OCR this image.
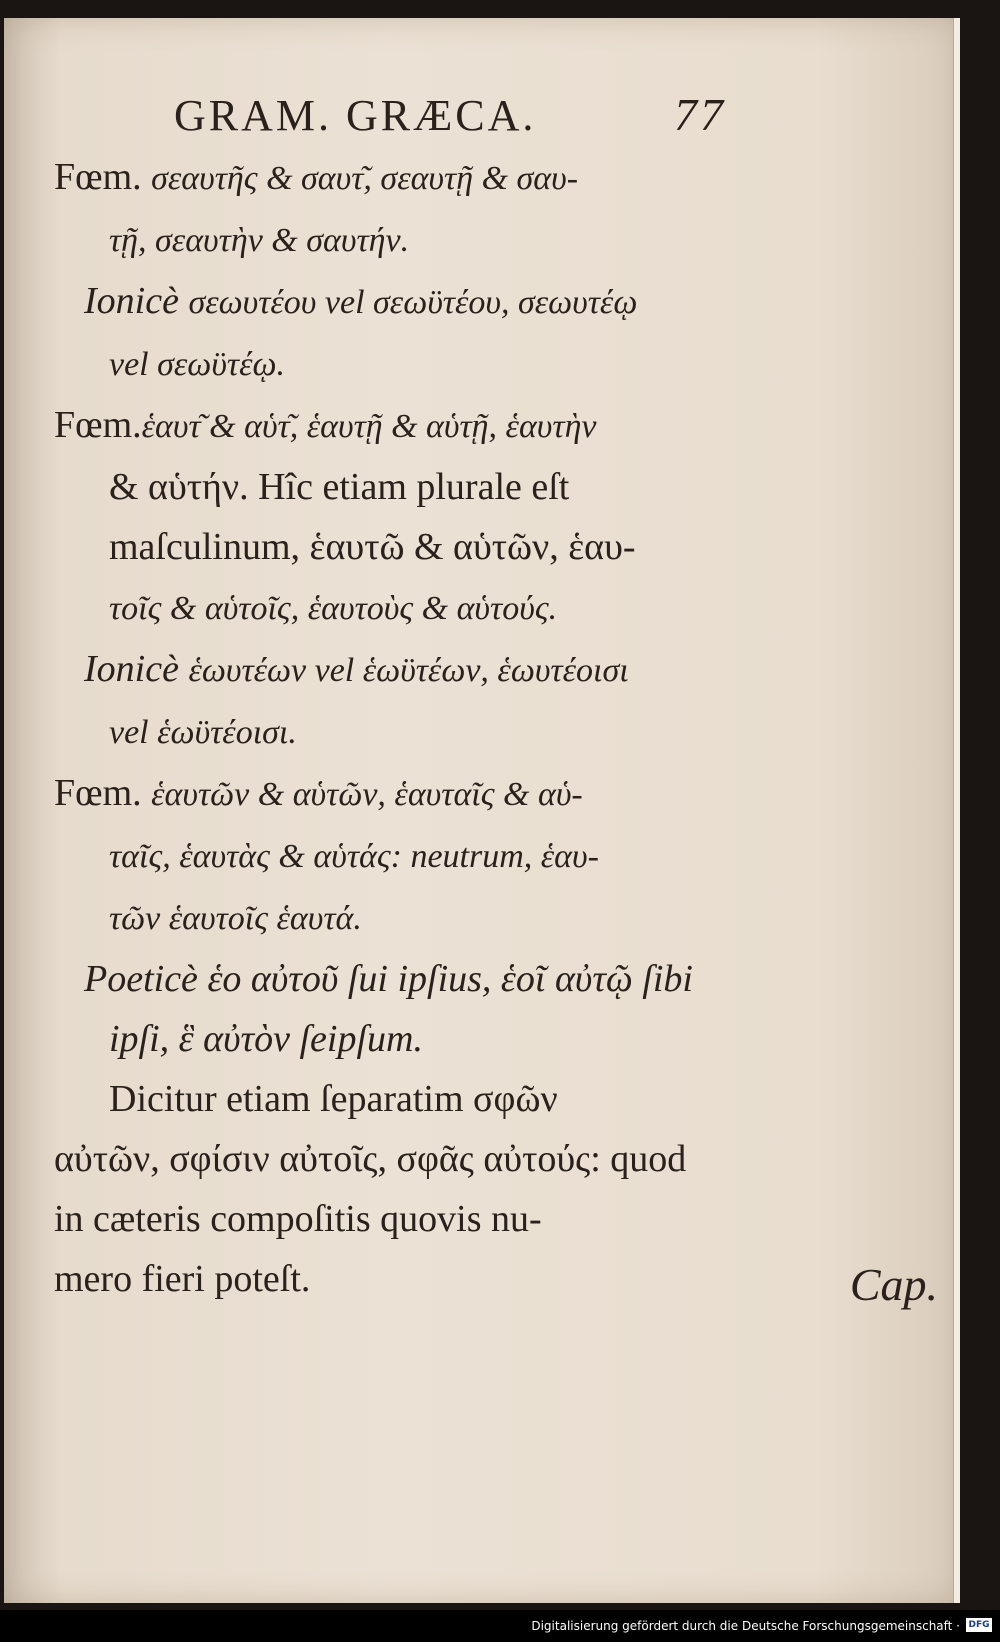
GRAM. GRÆCA.	77
Fœm. σεαυτῆς & σαυτ͂, σεαυτῇ & σαυ-
τῇ, σεαυτὴν & σαυτήν.
Ionicè σεωυτέου vel σεωϋτέου, σεωυτέῳ
vel σεωϋτέῳ.
Fœm.ἑαυτ͂ & αὑτ͂, ἑαυτῇ & αὑτῇ, ἑαυτὴν
& αὑτήν. Hîc etiam plurale eſt
maſculinum, ἑαυτῶ & αὑτῶν, ἑαυ-
τοῖς & αὑτοῖς, ἑαυτοὺς & αὑτούς.
Ionicè ἑωυτέων vel ἑωϋτέων, ἑωυτέοισι
vel ἑωϋτέοισι.
Fœm. ἑαυτῶν & αὑτῶν, ἑαυταῖς & αὑ-
ταῖς, ἑαυτὰς & αὑτάς: neutrum, ἑαυ-
τῶν ἑαυτοῖς ἑαυτά.
Poeticè ἑο αὐτοῦ ſui ipſius, ἑοῖ αὐτῷ ſibi
ipſi, ἓ αὐτὸν ſeipſum.
Dicitur etiam ſeparatim σφῶν
αὐτῶν, σφίσιν αὐτοῖς, σφᾶς αὐτούς: quod
in cæteris compoſitis quovis nu-
mero fieri poteſt.	Cap.
Digitalisierung gefördert durch die Deutsche Forschungsgemeinschaft · DFG
